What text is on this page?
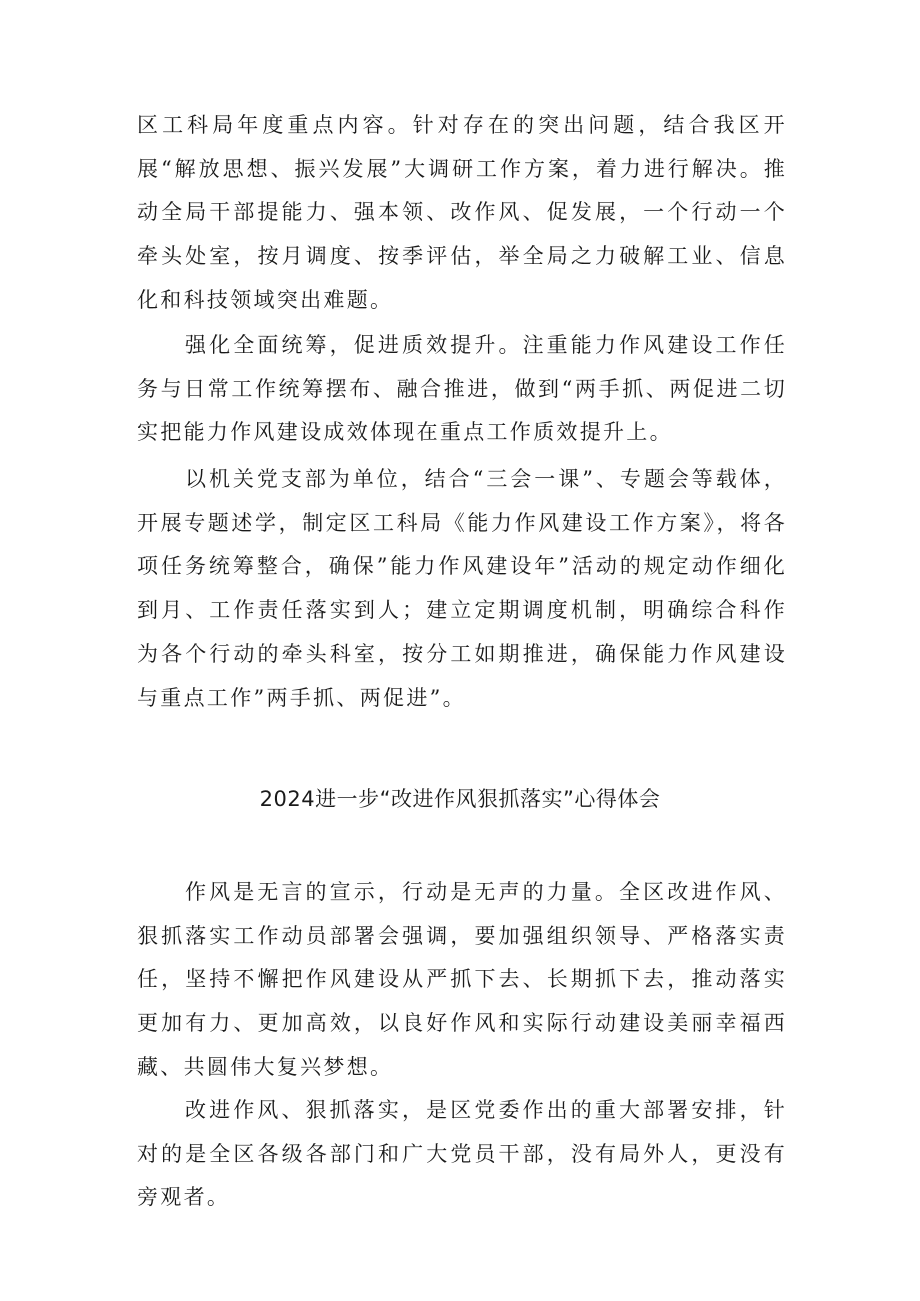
区工科局年度重点内容。针对存在的突出问题，结合我区开展“解放思想、振兴发展”大调研工作方案，着力进行解决。推动全局干部提能力、强本领、改作风、促发展，一个行动一个牵头处室，按月调度、按季评估，举全局之力破解工业、信息化和科技领域突出难题。

强化全面统筹，促进质效提升。注重能力作风建设工作任务与日常工作统筹摆布、融合推进，做到“两手抓、两促进二切实把能力作风建设成效体现在重点工作质效提升上。

以机关党支部为单位，结合“三会一课”、专题会等载体，开展专题述学，制定区工科局《能力作风建设工作方案》，将各项任务统筹整合，确保”能力作风建设年”活动的规定动作细化到月、工作责任落实到人；建立定期调度机制，明确综合科作为各个行动的牵头科室，按分工如期推进，确保能力作风建设与重点工作”两手抓、两促进”。

2024进一步“改进作风狠抓落实”心得体会

作风是无言的宣示，行动是无声的力量。全区改进作风、狠抓落实工作动员部署会强调，要加强组织领导、严格落实责任，坚持不懈把作风建设从严抓下去、长期抓下去，推动落实更加有力、更加高效，以良好作风和实际行动建设美丽幸福西藏、共圆伟大复兴梦想。

改进作风、狠抓落实，是区党委作出的重大部署安排，针对的是全区各级各部门和广大党员干部，没有局外人，更没有旁观者。
